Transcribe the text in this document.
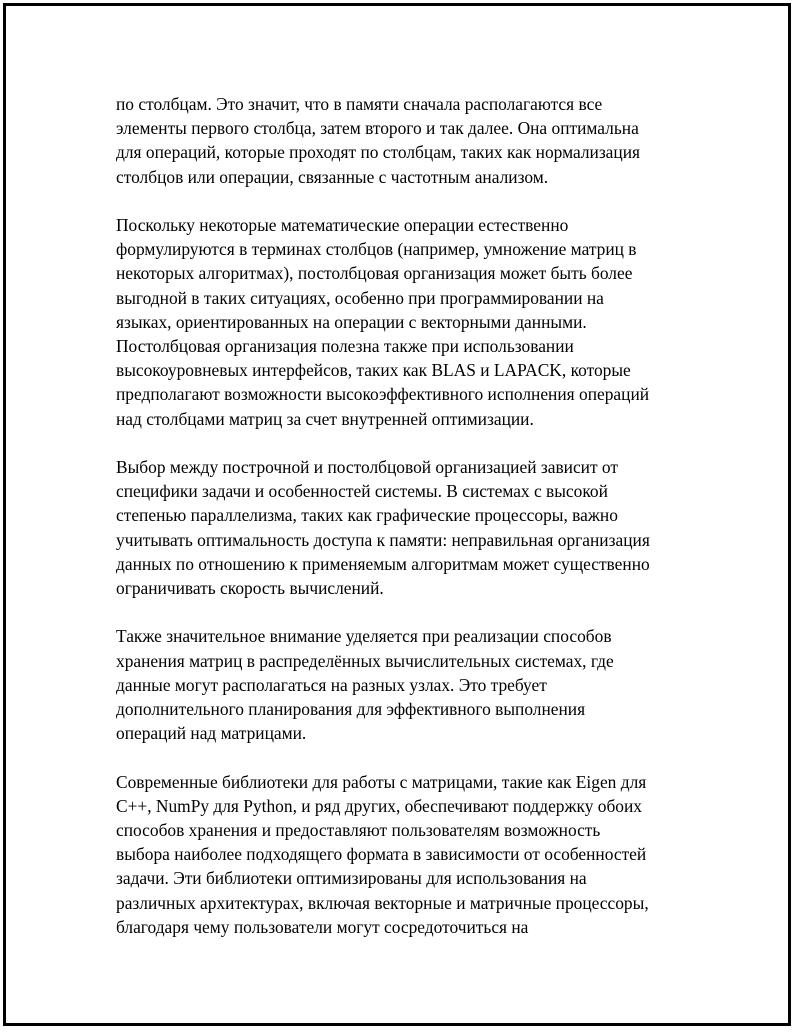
по столбцам. Это значит, что в памяти сначала располагаются все
элементы первого столбца, затем второго и так далее. Она оптимальна
для операций, которые проходят по столбцам, таких как нормализация
столбцов или операции, связанные с частотным анализом.

Поскольку некоторые математические операции естественно
формулируются в терминах столбцов (например, умножение матриц в
некоторых алгоритмах), постолбцовая организация может быть более
выгодной в таких ситуациях, особенно при программировании на
языках, ориентированных на операции с векторными данными.
Постолбцовая организация полезна также при использовании
высокоуровневых интерфейсов, таких как BLAS и LAPACK, которые
предполагают возможности высокоэффективного исполнения операций
над столбцами матриц за счет внутренней оптимизации.

Выбор между построчной и постолбцовой организацией зависит от
специфики задачи и особенностей системы. В системах с высокой
степенью параллелизма, таких как графические процессоры, важно
учитывать оптимальность доступа к памяти: неправильная организация
данных по отношению к применяемым алгоритмам может существенно
ограничивать скорость вычислений.

Также значительное внимание уделяется при реализации способов
хранения матриц в распределённых вычислительных системах, где
данные могут располагаться на разных узлах. Это требует
дополнительного планирования для эффективного выполнения
операций над матрицами.

Современные библиотеки для работы с матрицами, такие как Eigen для
C++, NumPy для Python, и ряд других, обеспечивают поддержку обоих
способов хранения и предоставляют пользователям возможность
выбора наиболее подходящего формата в зависимости от особенностей
задачи. Эти библиотеки оптимизированы для использования на
различных архитектурах, включая векторные и матричные процессоры,
благодаря чему пользователи могут сосредоточиться на
